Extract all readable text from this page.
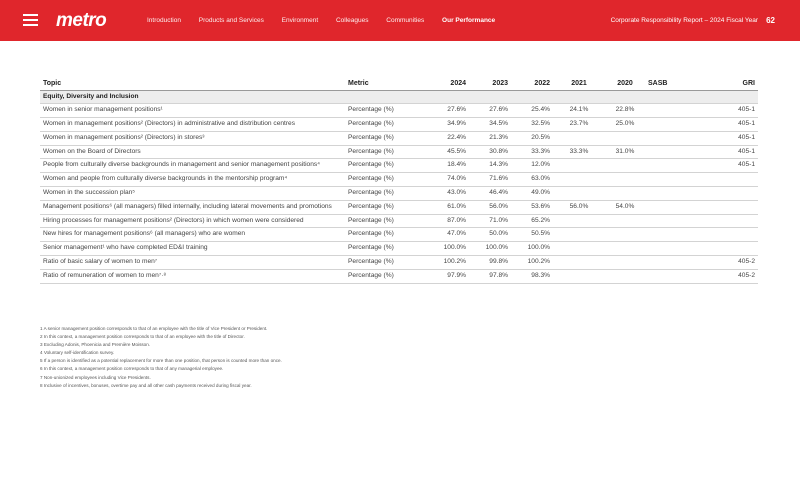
metro	Introduction	Products and Services	Environment	Colleagues	Communities	Our Performance	Corporate Responsibility Report – 2024 Fiscal Year 62
Topic	Metric	2024	2023	2022	2021	2020	SASB	GRI
Equity, Diversity and Inclusion								
Women in senior management positions¹	Percentage (%)	27.6%	27.6%	25.4%	24.1%	22.8%		405-1
Women in management positions² (Directors) in administrative and distribution centres	Percentage (%)	34.9%	34.5%	32.5%	23.7%	25.0%		405-1
Women in management positions² (Directors) in stores³	Percentage (%)	22.4%	21.3%	20.5%				405-1
Women on the Board of Directors	Percentage (%)	45.5%	30.8%	33.3%	33.3%	31.0%		405-1
People from culturally diverse backgrounds in management and senior management positions⁴	Percentage (%)	18.4%	14.3%	12.0%				405-1
Women and people from culturally diverse backgrounds in the mentorship program⁴	Percentage (%)	74.0%	71.6%	63.0%				
Women in the succession plan⁵	Percentage (%)	43.0%	46.4%	49.0%				
Management positions⁶ (all managers) filled internally, including lateral movements and promotions	Percentage (%)	61.0%	56.0%	53.6%	56.0%	54.0%		
Hiring processes for management positions² (Directors) in which women were considered	Percentage (%)	87.0%	71.0%	65.2%				
New hires for management positions⁶ (all managers) who are women	Percentage (%)	47.0%	50.0%	50.5%				
Senior management¹ who have completed ED&I training	Percentage (%)	100.0%	100.0%	100.0%				
Ratio of basic salary of women to men⁷	Percentage (%)	100.2%	99.8%	100.2%				405-2
Ratio of remuneration of women to men⁷·⁸	Percentage (%)	97.9%	97.8%	98.3%				405-2
1 A senior management position corresponds to that of an employee with the title of Vice President or President.
2 In this context, a management position corresponds to that of an employee with the title of Director.
3 Excluding Adonis, Phoenicia and Première Moisson.
4 Voluntary self-identification survey.
5 If a person is identified as a potential replacement for more than one position, that person is counted more than once.
6 In this context, a management position corresponds to that of any managerial employee.
7 Non-unionized employees including Vice Presidents.
8 Inclusive of incentives, bonuses, overtime pay and all other cash payments received during fiscal year.
